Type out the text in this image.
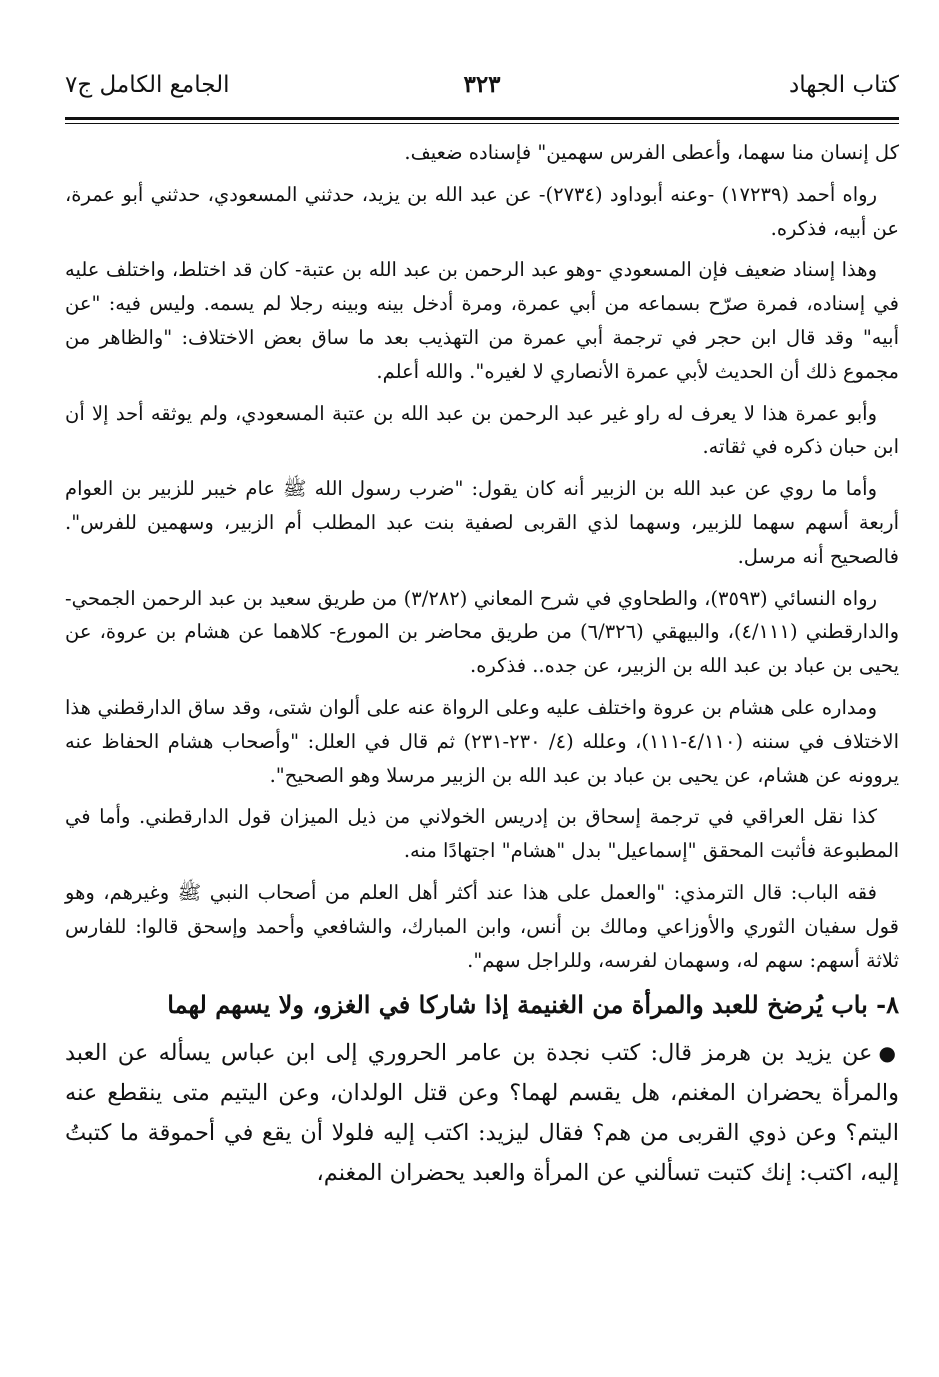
كتاب الجهاد
٣٢٣
الجامع الكامل ج٧

كل إنسان منا سهما، وأعطى الفرس سهمين" فإسناده ضعيف.

رواه أحمد (١٧٢٣٩) -وعنه أبوداود (٢٧٣٤)- عن عبد الله بن يزيد، حدثني المسعودي، حدثني أبو عمرة، عن أبيه، فذكره.

وهذا إسناد ضعيف فإن المسعودي -وهو عبد الرحمن بن عبد الله بن عتبة- كان قد اختلط، واختلف عليه في إسناده، فمرة صرّح بسماعه من أبي عمرة، ومرة أدخل بينه وبينه رجلا لم يسمه. وليس فيه: "عن أبيه" وقد قال ابن حجر في ترجمة أبي عمرة من التهذيب بعد ما ساق بعض الاختلاف: "والظاهر من مجموع ذلك أن الحديث لأبي عمرة الأنصاري لا لغيره". والله أعلم.

وأبو عمرة هذا لا يعرف له راو غير عبد الرحمن بن عبد الله بن عتبة المسعودي، ولم يوثقه أحد إلا أن ابن حبان ذكره في ثقاته.

وأما ما روي عن عبد الله بن الزبير أنه كان يقول: "ضرب رسول الله ﷺ عام خيبر للزبير بن العوام أربعة أسهم سهما للزبير، وسهما لذي القربى لصفية بنت عبد المطلب أم الزبير، وسهمين للفرس". فالصحيح أنه مرسل.

رواه النسائي (٣٥٩٣)، والطحاوي في شرح المعاني (٣/٢٨٢) من طريق سعيد بن عبد الرحمن الجمحي- والدارقطني (٤/١١١)، والبيهقي (٦/٣٢٦) من طريق محاضر بن المورع- كلاهما عن هشام بن عروة، عن يحيى بن عباد بن عبد الله بن الزبير، عن جده.. فذكره.

ومداره على هشام بن عروة واختلف عليه وعلى الرواة عنه على ألوان شتى، وقد ساق الدارقطني هذا الاختلاف في سننه (٤/١١٠-١١١)، وعلله (٤/ ٢٣٠-٢٣١) ثم قال في العلل: "وأصحاب هشام الحفاظ عنه يروونه عن هشام، عن يحيى بن عباد بن عبد الله بن الزبير مرسلا وهو الصحيح".

كذا نقل العراقي في ترجمة إسحاق بن إدريس الخولاني من ذيل الميزان قول الدارقطني. وأما في المطبوعة فأثبت المحقق "إسماعيل" بدل "هشام" اجتهادًا منه.

فقه الباب: قال الترمذي: "والعمل على هذا عند أكثر أهل العلم من أصحاب النبي ﷺ وغيرهم، وهو قول سفيان الثوري والأوزاعي ومالك بن أنس، وابن المبارك، والشافعي وأحمد وإسحق قالوا: للفارس ثلاثة أسهم: سهم له، وسهمان لفرسه، وللراجل سهم".

٨- باب يُرضخ للعبد والمرأة من الغنيمة إذا شاركا في الغزو، ولا يسهم لهما

●عن يزيد بن هرمز قال: كتب نجدة بن عامر الحروري إلى ابن عباس يسأله عن العبد والمرأة يحضران المغنم، هل يقسم لهما؟ وعن قتل الولدان، وعن اليتيم متى ينقطع عنه اليتم؟ وعن ذوي القربى من هم؟ فقال ليزيد: اكتب إليه فلولا أن يقع في أحموقة ما كتبتُ إليه، اكتب: إنك كتبت تسألني عن المرأة والعبد يحضران المغنم،
